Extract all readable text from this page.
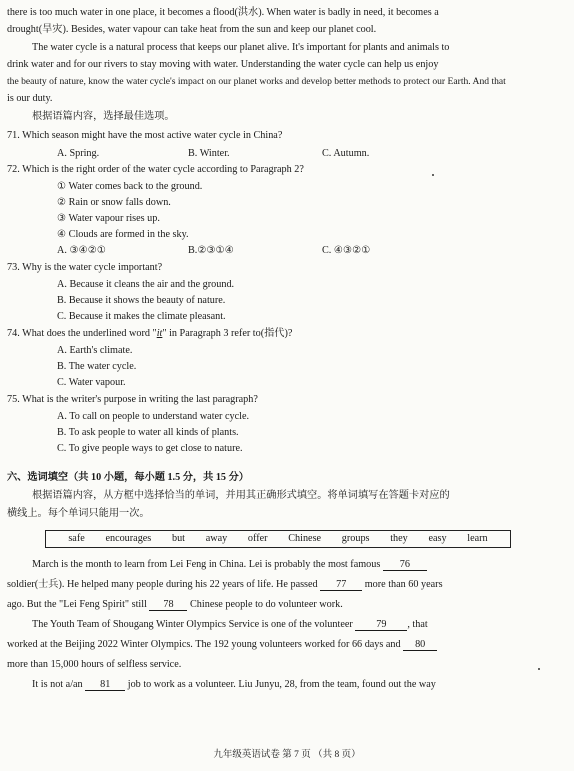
there is too much water in one place, it becomes a flood(洪水). When water is badly in need, it becomes a
drought(旱灾). Besides, water vapour can take heat from the sun and keep our planet cool.
The water cycle is a natural process that keeps our planet alive. It's important for plants and animals to
drink water and for our rivers to stay moving with water. Understanding the water cycle can help us enjoy
the beauty of nature, know the water cycle's impact on our planet works and develop better methods to protect our Earth. And that
is our duty.
根据语篇内容，选择最佳选项。
71. Which season might have the most active water cycle in China?
A. Spring.	B. Winter.	C. Autumn.
72. Which is the right order of the water cycle according to Paragraph 2?
① Water comes back to the ground.
② Rain or snow falls down.
③ Water vapour rises up.
④ Clouds are formed in the sky.
A. ③④②①	B.②③①④	C. ④③②①
73. Why is the water cycle important?
A. Because it cleans the air and the ground.
B. Because it shows the beauty of nature.
C. Because it makes the climate pleasant.
74. What does the underlined word "it" in Paragraph 3 refer to(指代)?
A. Earth's climate.
B. The water cycle.
C. Water vapour.
75. What is the writer's purpose in writing the last paragraph?
A. To call on people to understand water cycle.
B. To ask people to water all kinds of plants.
C. To give people ways to get close to nature.
六、选词填空（共 10 小题，每小题 1.5 分，共 15 分）
根据语篇内容，从方框中选择恰当的单词，并用其正确形式填空。将单词填写在答题卡对应的
横线上。每个单词只能用一次。
safe encourages but away offer Chinese groups they easy learn
March is the month to learn from Lei Feng in China. Lei is probably the most famous 76
soldier(士兵). He helped many people during his 22 years of life. He passed 77 more than 60 years
ago. But the "Lei Feng Spirit" still 78 Chinese people to do volunteer work.
The Youth Team of Shougang Winter Olympics Service is one of the volunteer 79 , that
worked at the Beijing 2022 Winter Olympics. The 192 young volunteers worked for 66 days and 80
more than 15,000 hours of selfless service.
It is not a/an 81 job to work as a volunteer. Liu Junyu, 28, from the team, found out the way
九年级英语试卷 第 7 页 （共 8 页）
